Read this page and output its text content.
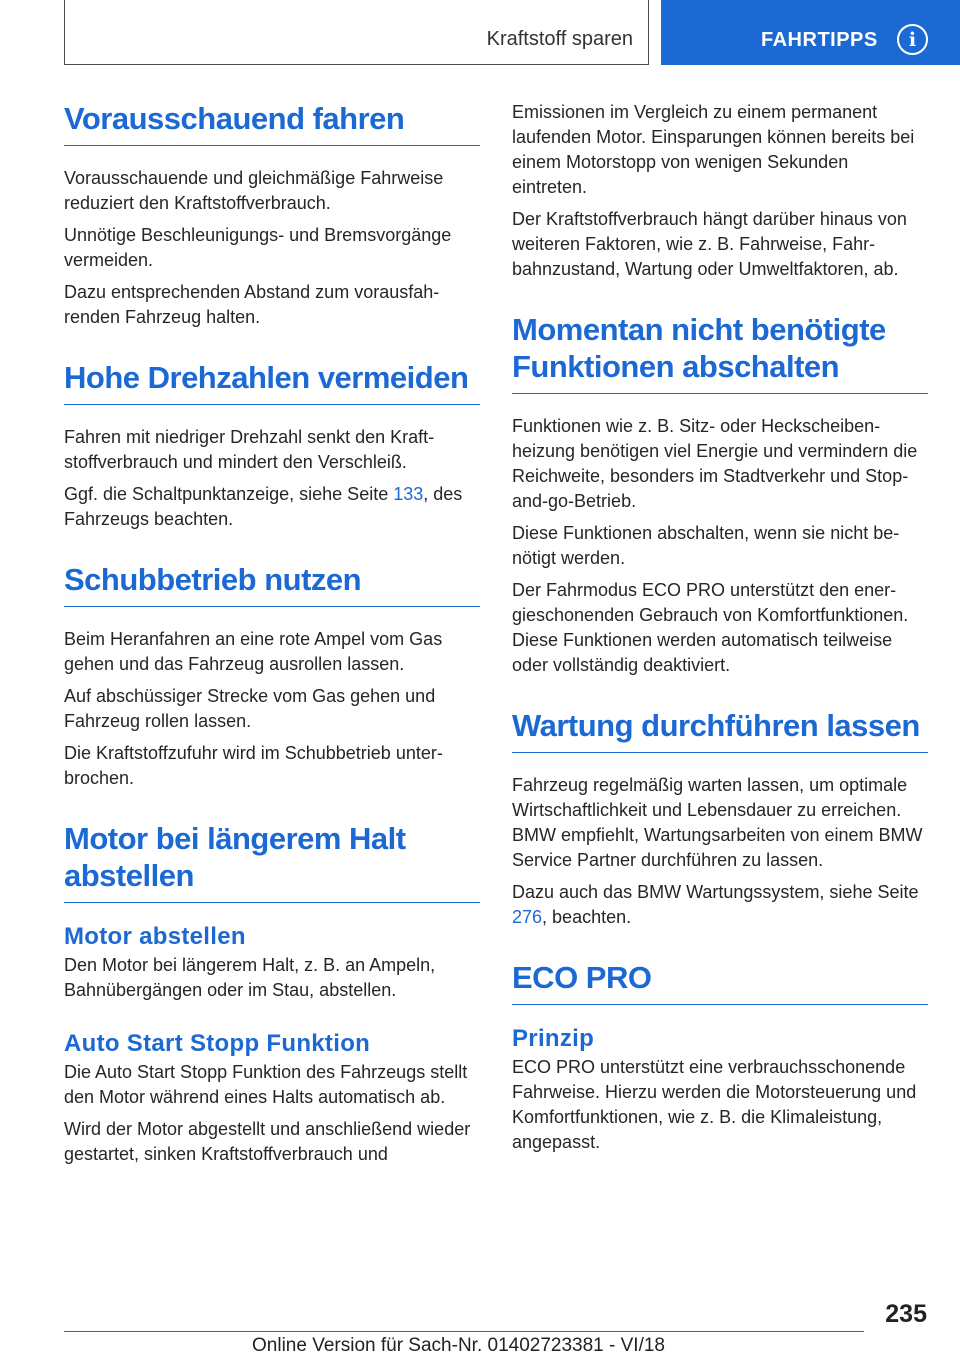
Kraftstoff sparen	FAHRTIPPS	i
Vorausschauend fahren

Vorausschauende und gleichmäßige Fahrweise reduziert den Kraftstoffverbrauch.

Unnötige Beschleunigungs- und Bremsvorgänge vermeiden.

Dazu entsprechenden Abstand zum vorausfahrenden Fahrzeug halten.

Hohe Drehzahlen vermeiden

Fahren mit niedriger Drehzahl senkt den Kraftstoffverbrauch und mindert den Verschleiß.

Ggf. die Schaltpunktanzeige, siehe Seite 133, des Fahrzeugs beachten.

Schubbetrieb nutzen

Beim Heranfahren an eine rote Ampel vom Gas gehen und das Fahrzeug ausrollen lassen.

Auf abschüssiger Strecke vom Gas gehen und Fahrzeug rollen lassen.

Die Kraftstoffzufuhr wird im Schubbetrieb unterbrochen.

Motor bei längerem Halt abstellen
Motor abstellen

Den Motor bei längerem Halt, z. B. an Ampeln, Bahnübergängen oder im Stau, abstellen.

Auto Start Stopp Funktion

Die Auto Start Stopp Funktion des Fahrzeugs stellt den Motor während eines Halts automatisch ab.

Wird der Motor abgestellt und anschließend wieder gestartet, sinken Kraftstoffverbrauch und

Emissionen im Vergleich zu einem permanent laufenden Motor. Einsparungen können bereits bei einem Motorstopp von wenigen Sekunden eintreten.

Der Kraftstoffverbrauch hängt darüber hinaus von weiteren Faktoren, wie z. B. Fahrweise, Fahrbahnzustand, Wartung oder Umweltfaktoren, ab.

Momentan nicht benötigte Funktionen abschalten

Funktionen wie z. B. Sitz- oder Heckscheibenheizung benötigen viel Energie und vermindern die Reichweite, besonders im Stadtverkehr und Stop-and-go-Betrieb.

Diese Funktionen abschalten, wenn sie nicht benötigt werden.

Der Fahrmodus ECO PRO unterstützt den energieschonenden Gebrauch von Komfortfunktionen. Diese Funktionen werden automatisch teilweise oder vollständig deaktiviert.

Wartung durchführen lassen

Fahrzeug regelmäßig warten lassen, um optimale Wirtschaftlichkeit und Lebensdauer zu erreichen. BMW empfiehlt, Wartungsarbeiten von einem BMW Service Partner durchführen zu lassen.

Dazu auch das BMW Wartungssystem, siehe Seite 276, beachten.

ECO PRO
Prinzip

ECO PRO unterstützt eine verbrauchsschonende Fahrweise. Hierzu werden die Motorsteuerung und Komfortfunktionen, wie z. B. die Klimaleistung, angepasst.

235
Online Version für Sach-Nr. 01402723381 - VI/18
